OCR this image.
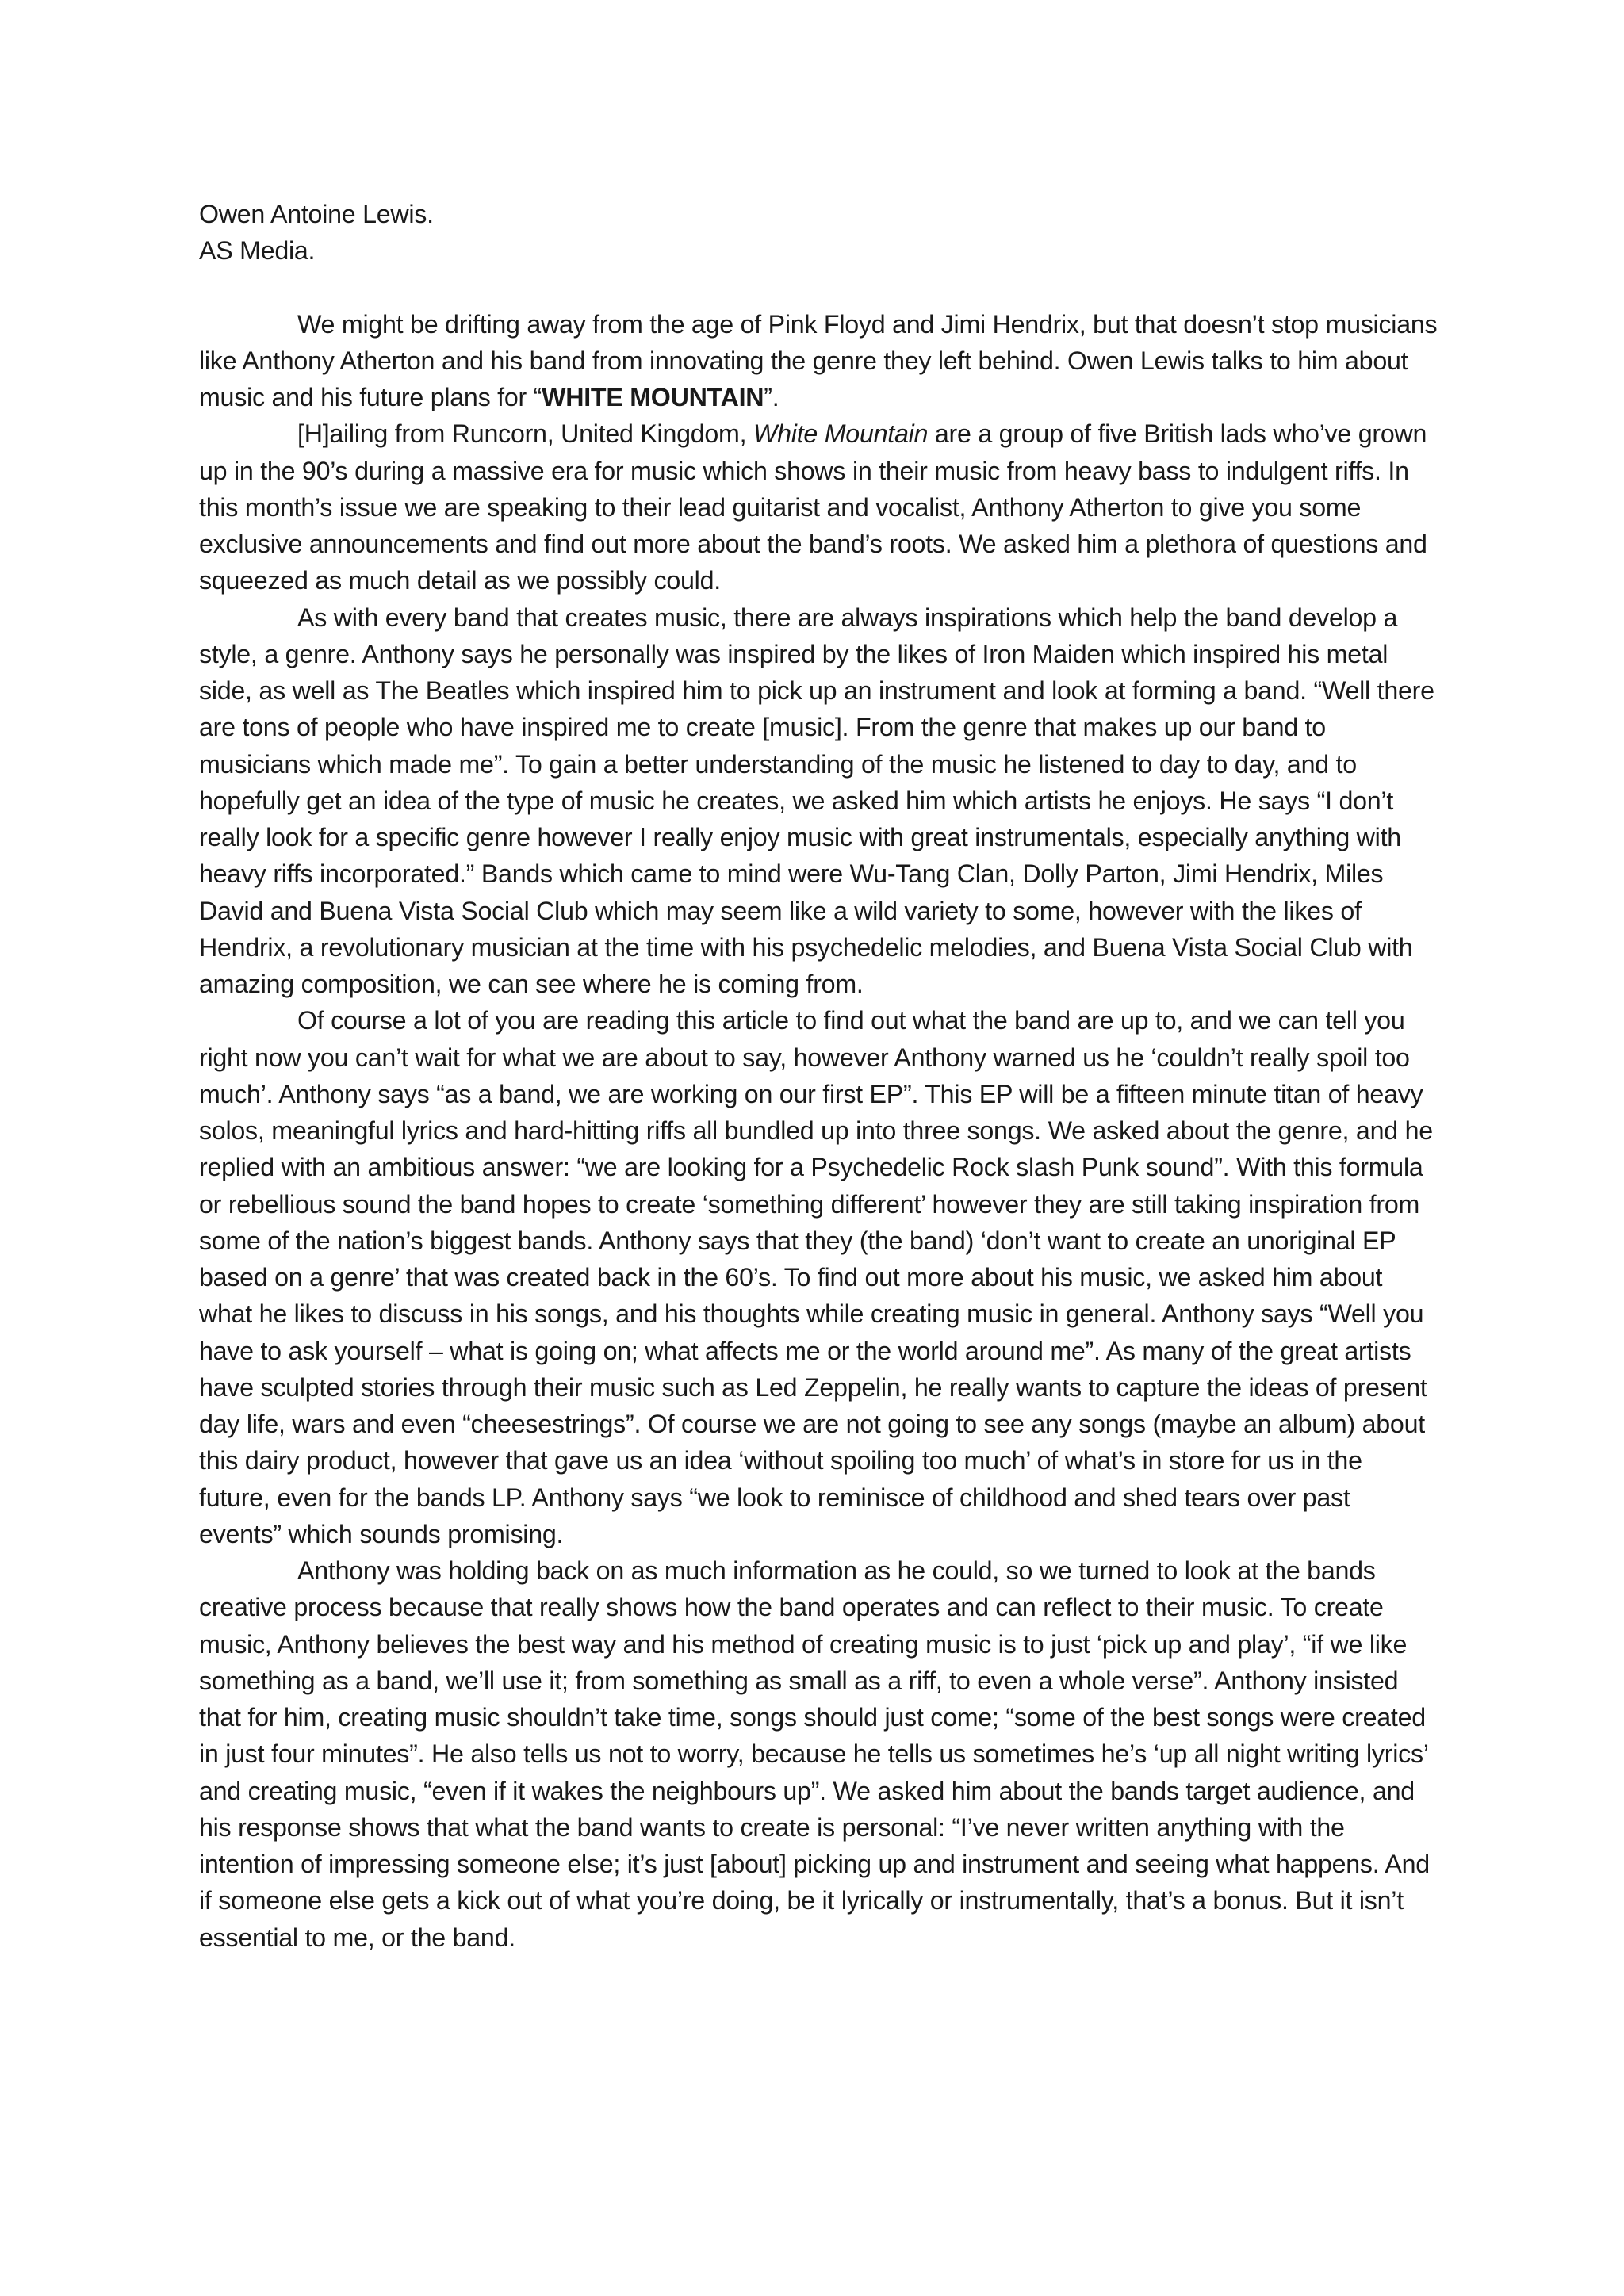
Owen Antoine Lewis.

AS Media.

We might be drifting away from the age of Pink Floyd and Jimi Hendrix, but that doesn’t stop musicians like Anthony Atherton and his band from innovating the genre they left behind. Owen Lewis talks to him about music and his future plans for “WHITE MOUNTAIN”.

[H]ailing from Runcorn, United Kingdom, White Mountain are a group of five British lads who’ve grown up in the 90’s during a massive era for music which shows in their music from heavy bass to indulgent riffs. In this month’s issue we are speaking to their lead guitarist and vocalist, Anthony Atherton to give you some exclusive announcements and find out more about the band’s roots. We asked him a plethora of questions and squeezed as much detail as we possibly could.

As with every band that creates music, there are always inspirations which help the band develop a style, a genre. Anthony says he personally was inspired by the likes of Iron Maiden which inspired his metal side, as well as The Beatles which inspired him to pick up an instrument and look at forming a band. “Well there are tons of people who have inspired me to create [music]. From the genre that makes up our band to musicians which made me”. To gain a better understanding of the music he listened to day to day, and to hopefully get an idea of the type of music he creates, we asked him which artists he enjoys. He says “I don’t really look for a specific genre however I really enjoy music with great instrumentals, especially anything with heavy riffs incorporated.” Bands which came to mind were Wu-Tang Clan, Dolly Parton, Jimi Hendrix, Miles David and Buena Vista Social Club which may seem like a wild variety to some, however with the likes of Hendrix, a revolutionary musician at the time with his psychedelic melodies, and Buena Vista Social Club with amazing composition, we can see where he is coming from.

Of course a lot of you are reading this article to find out what the band are up to, and we can tell you right now you can’t wait for what we are about to say, however Anthony warned us he ‘couldn’t really spoil too much’. Anthony says “as a band, we are working on our first EP”. This EP will be a fifteen minute titan of heavy solos, meaningful lyrics and hard-hitting riffs all bundled up into three songs. We asked about the genre, and he replied with an ambitious answer: “we are looking for a Psychedelic Rock slash Punk sound”. With this formula or rebellious sound the band hopes to create ‘something different’ however they are still taking inspiration from some of the nation’s biggest bands. Anthony says that they (the band) ‘don’t want to create an unoriginal EP based on a genre’ that was created back in the 60’s. To find out more about his music, we asked him about what he likes to discuss in his songs, and his thoughts while creating music in general. Anthony says “Well you have to ask yourself – what is going on; what affects me or the world around me”. As many of the great artists have sculpted stories through their music such as Led Zeppelin, he really wants to capture the ideas of present day life, wars and even “cheesestrings”. Of course we are not going to see any songs (maybe an album) about this dairy product, however that gave us an idea ‘without spoiling too much’ of what’s in store for us in the future, even for the bands LP. Anthony says “we look to reminisce of childhood and shed tears over past events” which sounds promising.

Anthony was holding back on as much information as he could, so we turned to look at the bands creative process because that really shows how the band operates and can reflect to their music. To create music, Anthony believes the best way and his method of creating music is to just ‘pick up and play’, “if we like something as a band, we’ll use it; from something as small as a riff, to even a whole verse”. Anthony insisted that for him, creating music shouldn’t take time, songs should just come; “some of the best songs were created in just four minutes”. He also tells us not to worry, because he tells us sometimes he’s ‘up all night writing lyrics’ and creating music, “even if it wakes the neighbours up”. We asked him about the bands target audience, and his response shows that what the band wants to create is personal: “I’ve never written anything with the intention of impressing someone else; it’s just [about] picking up and instrument and seeing what happens. And if someone else gets a kick out of what you’re doing, be it lyrically or instrumentally, that’s a bonus. But it isn’t essential to me, or the band.
